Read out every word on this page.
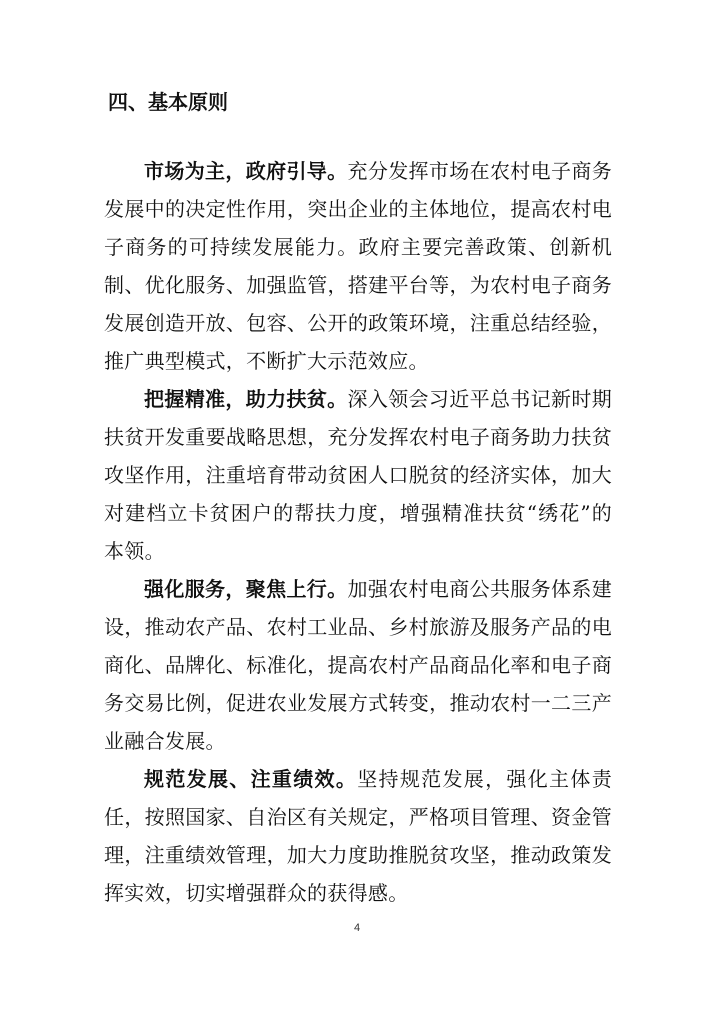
四、基本原则

市场为主，政府引导。充分发挥市场在农村电子商务发展中的决定性作用，突出企业的主体地位，提高农村电子商务的可持续发展能力。政府主要完善政策、创新机制、优化服务、加强监管，搭建平台等，为农村电子商务发展创造开放、包容、公开的政策环境，注重总结经验，推广典型模式，不断扩大示范效应。

把握精准，助力扶贫。深入领会习近平总书记新时期扶贫开发重要战略思想，充分发挥农村电子商务助力扶贫攻坚作用，注重培育带动贫困人口脱贫的经济实体，加大对建档立卡贫困户的帮扶力度，增强精准扶贫“绣花”的本领。

强化服务，聚焦上行。加强农村电商公共服务体系建设，推动农产品、农村工业品、乡村旅游及服务产品的电商化、品牌化、标准化，提高农村产品商品化率和电子商务交易比例，促进农业发展方式转变，推动农村一二三产业融合发展。

规范发展、注重绩效。坚持规范发展，强化主体责任，按照国家、自治区有关规定，严格项目管理、资金管理，注重绩效管理，加大力度助推脱贫攻坚，推动政策发挥实效，切实增强群众的获得感。

4
